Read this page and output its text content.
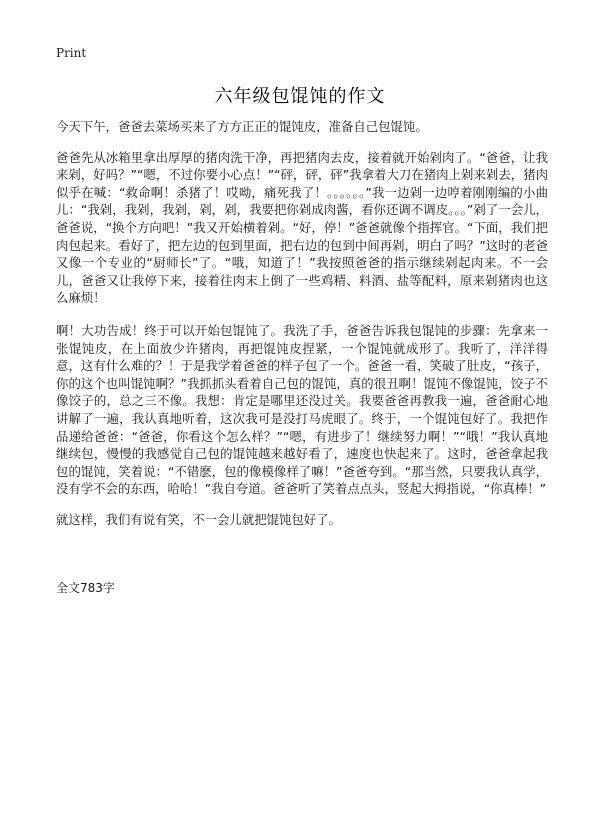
Print
六年级包馄饨的作文

今天下午，爸爸去菜场买来了方方正正的馄饨皮，准备自己包馄饨。

爸爸先从冰箱里拿出厚厚的猪肉洗干净，再把猪肉去皮，接着就开始剁肉了。“爸爸，让我来剁，好吗？”“嗯，不过你要小心点！”“砰，砰，砰”我拿着大刀在猪肉上剁来剁去，猪肉似乎在喊：“救命啊！杀猪了！哎呦，痛死我了！。。。。。。”我一边剁一边哼着刚刚编的小曲儿：“我剁，我剁，我剁，剁，剁，我要把你剁成肉酱，看你还调不调皮。。。”剁了一会儿，爸爸说，“换个方向吧！”我又开始横着剁。“好，停！”爸爸就像个指挥官。“下面，我们把肉包起来。看好了，把左边的包到里面，把右边的包到中间再剁，明白了吗？”这时的老爸又像一个专业的“厨师长”了。“哦，知道了！”我按照爸爸的指示继续剁起肉来。不一会儿，爸爸又让我停下来，接着往肉末上倒了一些鸡精、料酒、盐等配料，原来剁猪肉也这么麻烦！

啊！大功告成！终于可以开始包馄饨了。我洗了手，爸爸告诉我包馄饨的步骤：先拿来一张馄饨皮，在上面放少许猪肉，再把馄饨皮捏紧，一个馄饨就成形了。我听了，洋洋得意，这有什么难的？！于是我学着爸爸的样子包了一个。爸爸一看，笑破了肚皮，“孩子，你的这个也叫馄饨啊？”我抓抓头看着自己包的馄饨，真的很丑啊！馄饨不像馄饨，饺子不像饺子的，总之三不像。我想：肯定是哪里还没过关。我要爸爸再教我一遍，爸爸耐心地讲解了一遍，我认真地听着，这次我可是没打马虎眼了。终于，一个馄饨包好了。我把作品递给爸爸：“爸爸，你看这个怎么样？”“嗯，有进步了！继续努力啊！”“哦！”我认真地继续包，慢慢的我感觉自己包的馄饨越来越好看了，速度也快起来了。这时，爸爸拿起我包的馄饨，笑着说：“不错麽，包的像模像样了嘛！”爸爸夸到。“那当然，只要我认真学，没有学不会的东西，哈哈！”我自夸道。爸爸听了笑着点点头，竖起大拇指说，“你真棒！”

就这样，我们有说有笑，不一会儿就把馄饨包好了。

全文783字
